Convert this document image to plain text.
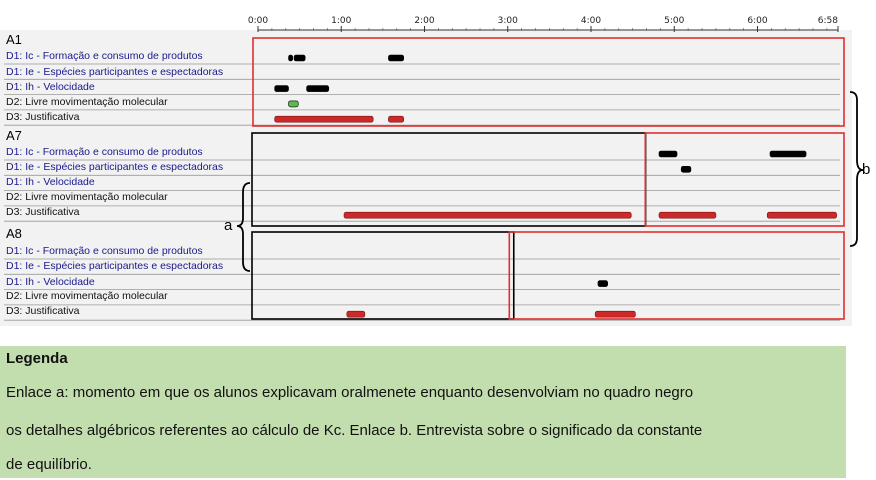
0:00	1:00	2:00	3:00	4:00	5:00	6:00	6:58
A1
A7
A8
D1: Ic - Formação e consumo de produtos
D1: Ie - Espécies participantes e espectadoras
D1: Ih - Velocidade
D2: Livre movimentação molecular
D3: Justificativa
D1: Ic - Formação e consumo de produtos
D1: Ie - Espécies participantes e espectadoras
D1: Ih - Velocidade
D2: Livre movimentação molecular
D3: Justificativa
D1: Ic - Formação e consumo de produtos
D1: Ie - Espécies participantes e espectadoras
D1: Ih - Velocidade
D2: Livre movimentação molecular
D3: Justificativa
a
b
Legenda
Enlace a: momento em que os alunos explicavam oralmenete enquanto desenvolviam no quadro negro
os detalhes algébricos referentes ao cálculo de Kc. Enlace b. Entrevista sobre o significado da constante
de equilíbrio.
